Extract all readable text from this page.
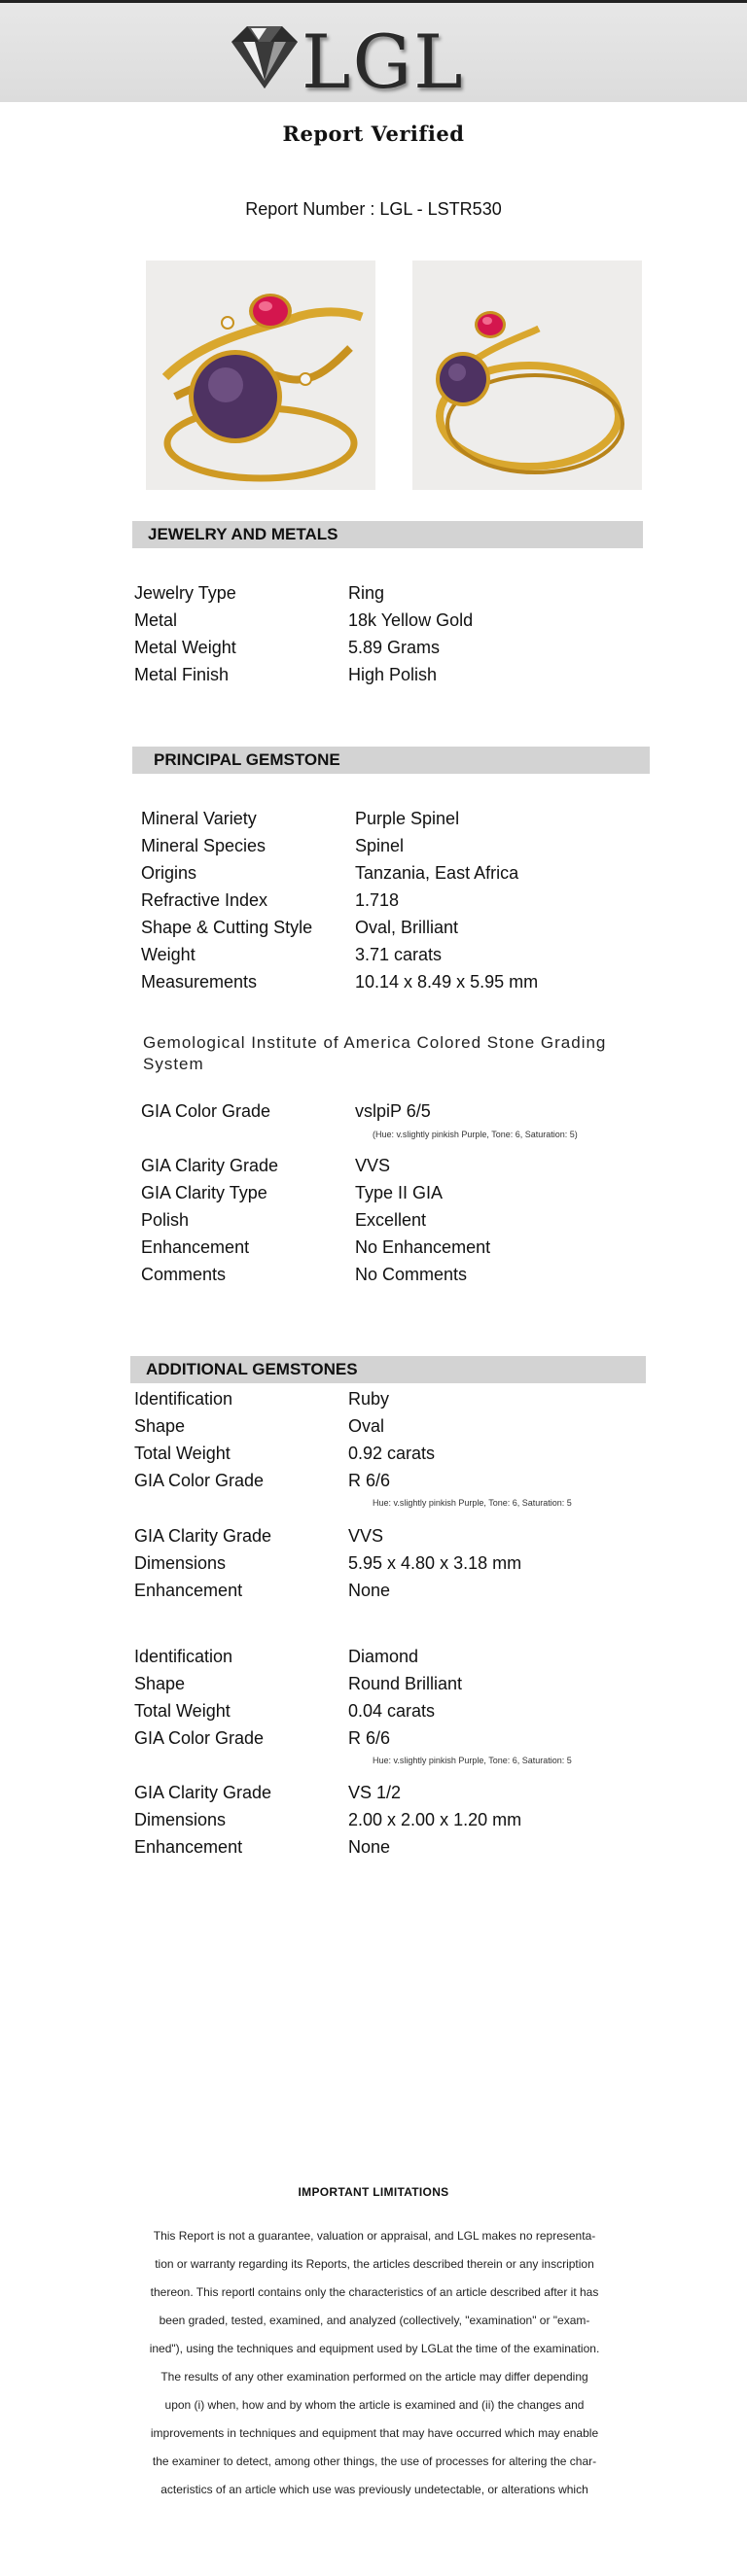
LGL
Report Verified
Report Number : LGL - LSTR530
JEWELRY AND METALS
Jewelry Type	Ring
Metal	18k Yellow Gold
Metal Weight	5.89 Grams
Metal Finish	High Polish
PRINCIPAL GEMSTONE
Mineral Variety	Purple Spinel
Mineral Species	Spinel
Origins	Tanzania, East Africa
Refractive Index	1.718
Shape & Cutting Style Oval, Brilliant
Weight	3.71 carats
Measurements	10.14 x 8.49 x 5.95 mm
Gemological Institute of America Colored Stone Grading System
GIA Color Grade	vslpiP 6/5
(Hue: v.slightly pinkish Purple, Tone: 6, Saturation: 5)
GIA Clarity Grade	VVS
GIA Clarity Type	Type II GIA
Polish	Excellent
Enhancement	No Enhancement
Comments	No Comments
ADDITIONAL GEMSTONES
Identification	Ruby
Shape	Oval
Total Weight	0.92 carats
GIA Color Grade	R 6/6
Hue: v.slightly pinkish Purple, Tone: 6, Saturation: 5
GIA Clarity Grade	VVS
Dimensions	5.95 x 4.80 x 3.18 mm
Enhancement	None
Identification	Diamond
Shape	Round Brilliant
Total Weight	0.04 carats
GIA Color Grade	R 6/6
Hue: v.slightly pinkish Purple, Tone: 6, Saturation: 5
GIA Clarity Grade	VS 1/2
Dimensions	2.00 x 2.00 x 1.20 mm
Enhancement	None
IMPORTANT LIMITATIONS
This Report is not a guarantee, valuation or appraisal, and LGL makes no representa-
tion or warranty regarding its Reports, the articles described therein or any inscription
thereon. This reportl contains only the characteristics of an article described after it has
been graded, tested, examined, and analyzed (collectively, "examination" or "exam-
ined"), using the techniques and equipment used by LGLat the time of the examination.
The results of any other examination performed on the article may differ depending
upon (i) when, how and by whom the article is examined and (ii) the changes and
improvements in techniques and equipment that may have occurred which may enable
the examiner to detect, among other things, the use of processes for altering the char-
acteristics of an article which use was previously undetectable, or alterations which
